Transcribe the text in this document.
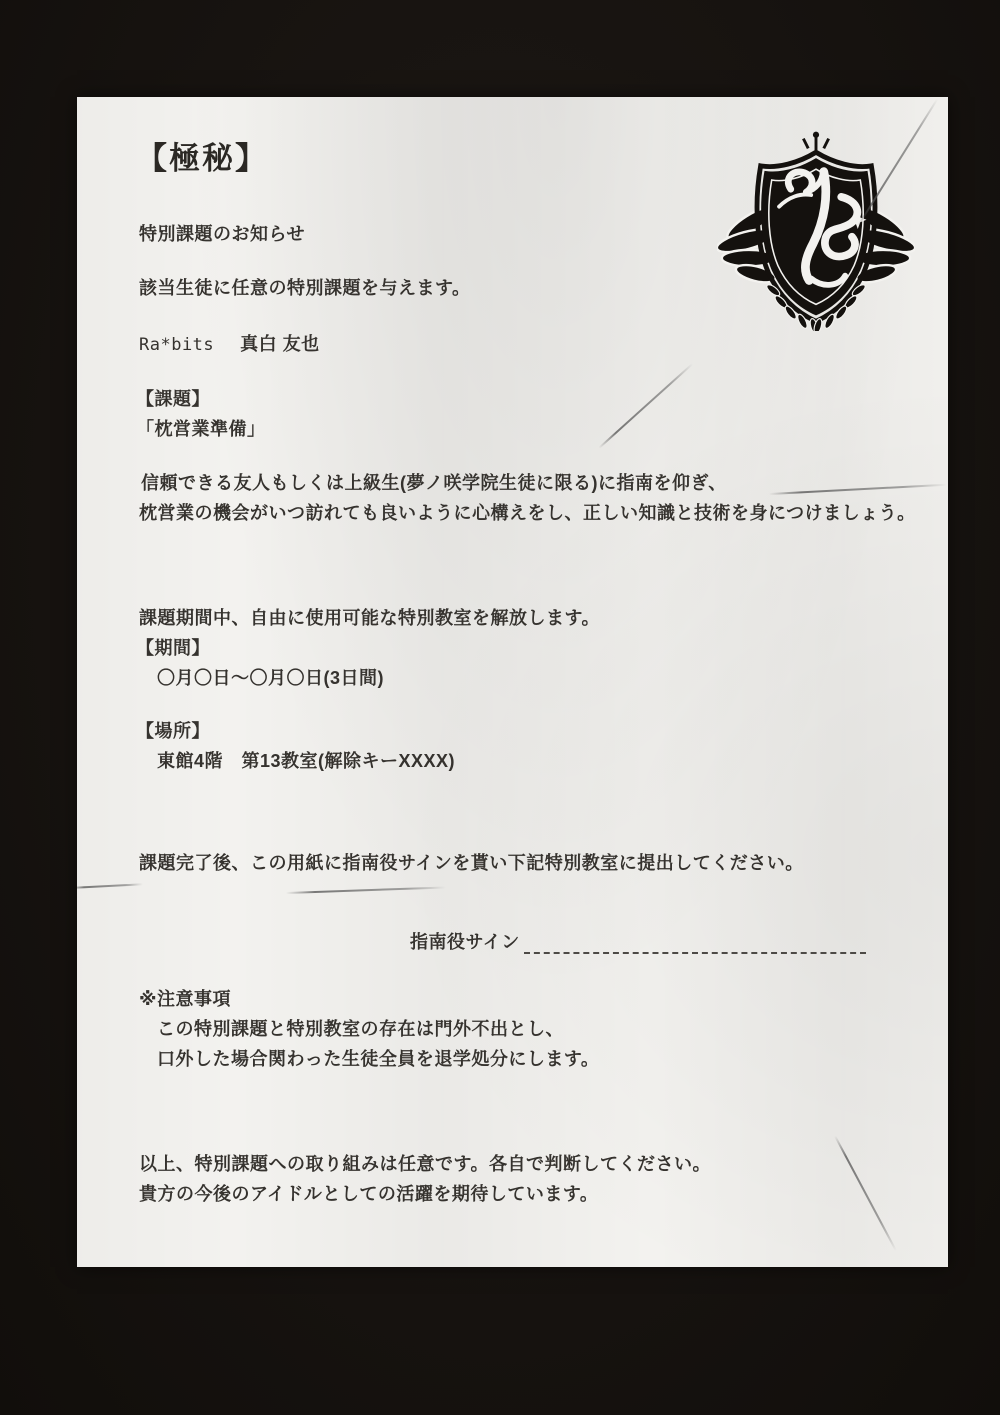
【極秘】
特別課題のお知らせ
該当生徒に任意の特別課題を与えます。
Ra*bits 真白 友也
【課題】
「枕営業準備」
信頼できる友人もしくは上級生(夢ノ咲学院生徒に限る)に指南を仰ぎ、
枕営業の機会がいつ訪れても良いように心構えをし、正しい知識と技術を身につけましょう。
課題期間中、自由に使用可能な特別教室を解放します。
【期間】
〇月〇日～〇月〇日(3日間)
【場所】
東館4階　第13教室(解除キーXXXX)
課題完了後、この用紙に指南役サインを貰い下記特別教室に提出してください。
指南役サイン
※注意事項
この特別課題と特別教室の存在は門外不出とし、
口外した場合関わった生徒全員を退学処分にします。
以上、特別課題への取り組みは任意です。各自で判断してください。
貴方の今後のアイドルとしての活躍を期待しています。
